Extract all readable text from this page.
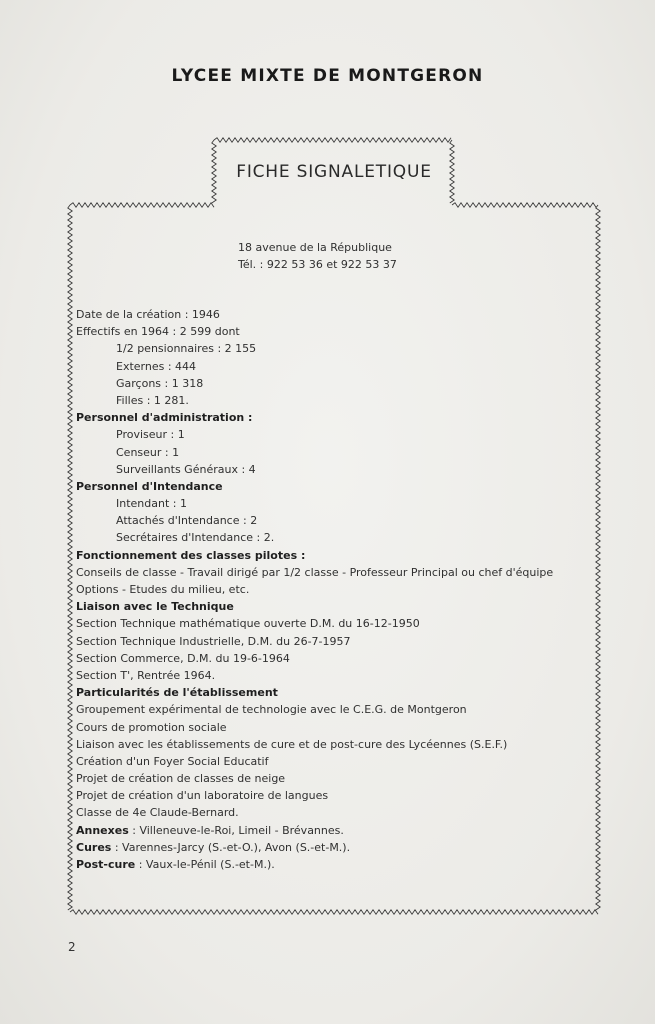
LYCEE MIXTE DE MONTGERON
FICHE SIGNALETIQUE
18 avenue de la République
Tél. : 922 53 36 et 922 53 37
Date de la création : 1946
Effectifs en 1964 : 2 599 dont
1/2 pensionnaires : 2 155
Externes : 444
Garçons : 1 318
Filles : 1 281.
Personnel d'administration :
Proviseur : 1
Censeur : 1
Surveillants Généraux : 4
Personnel d'Intendance
Intendant : 1
Attachés d'Intendance : 2
Secrétaires d'Intendance : 2.
Fonctionnement des classes pilotes :
Conseils de classe - Travail dirigé par 1/2 classe - Professeur Principal ou chef d'équipe
Options - Etudes du milieu, etc.
Liaison avec le Technique
Section Technique mathématique ouverte D.M. du 16-12-1950
Section Technique Industrielle, D.M. du 26-7-1957
Section Commerce, D.M. du 19-6-1964
Section T', Rentrée 1964.
Particularités de l'établissement
Groupement expérimental de technologie avec le C.E.G. de Montgeron
Cours de promotion sociale
Liaison avec les établissements de cure et de post-cure des Lycéennes (S.E.F.)
Création d'un Foyer Social Educatif
Projet de création de classes de neige
Projet de création d'un laboratoire de langues
Classe de 4e Claude-Bernard.
Annexes : Villeneuve-le-Roi, Limeil - Brévannes.
Cures : Varennes-Jarcy (S.-et-O.), Avon (S.-et-M.).
Post-cure : Vaux-le-Pénil (S.-et-M.).
2
